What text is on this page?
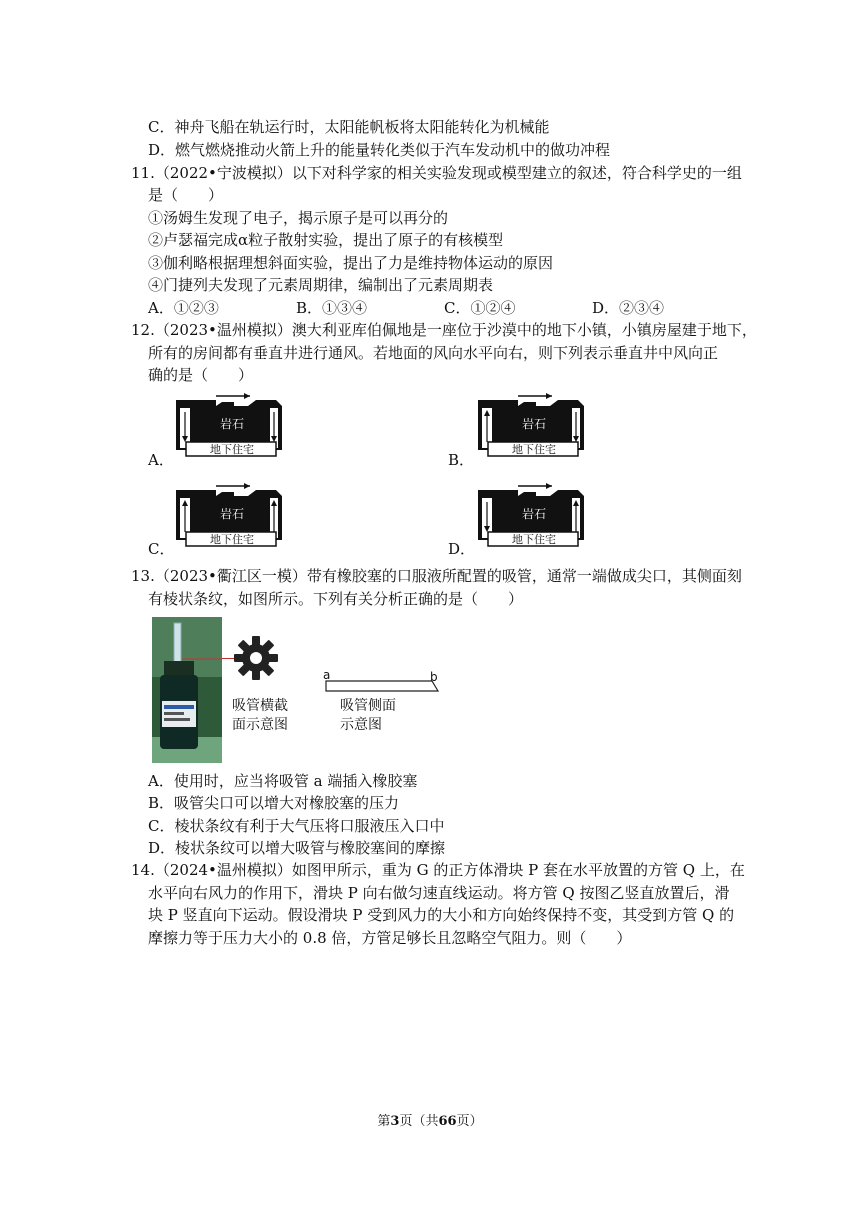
C．神舟飞船在轨运行时，太阳能帆板将太阳能转化为机械能
D．燃气燃烧推动火箭上升的能量转化类似于汽车发动机中的做功冲程
11.（2022•宁波模拟）以下对科学家的相关实验发现或模型建立的叙述，符合科学史的一组
是（　　）
①汤姆生发现了电子，揭示原子是可以再分的
②卢瑟福完成α粒子散射实验，提出了原子的有核模型
③伽利略根据理想斜面实验，提出了力是维持物体运动的原因
④门捷列夫发现了元素周期律，编制出了元素周期表
A．①②③	B．①③④	C．①②④	D．②③④
12.（2023•温州模拟）澳大利亚库伯佩地是一座位于沙漠中的地下小镇，小镇房屋建于地下，
所有的房间都有垂直井进行通风。若地面的风向水平向右，则下列表示垂直井中风向正
确的是（　　）
A．
岩石
地下住宅
B．
岩石
地下住宅
C．
岩石
地下住宅
D．
岩石
地下住宅
13.（2023•衢江区一模）带有橡胶塞的口服液所配置的吸管，通常一端做成尖口，其侧面刻
有棱状条纹，如图所示。下列有关分析正确的是（　　）
吸管横截
面示意图
a	b
吸管侧面
示意图
A．使用时，应当将吸管 a 端插入橡胶塞
B．吸管尖口可以增大对橡胶塞的压力
C．棱状条纹有利于大气压将口服液压入口中
D．棱状条纹可以增大吸管与橡胶塞间的摩擦
14.（2024•温州模拟）如图甲所示，重为 G 的正方体滑块 P 套在水平放置的方管 Q 上，在
水平向右风力的作用下，滑块 P 向右做匀速直线运动。将方管 Q 按图乙竖直放置后，滑
块 P 竖直向下运动。假设滑块 P 受到风力的大小和方向始终保持不变，其受到方管 Q 的
摩擦力等于压力大小的 0.8 倍，方管足够长且忽略空气阻力。则（　　）
第3页（共66页）
